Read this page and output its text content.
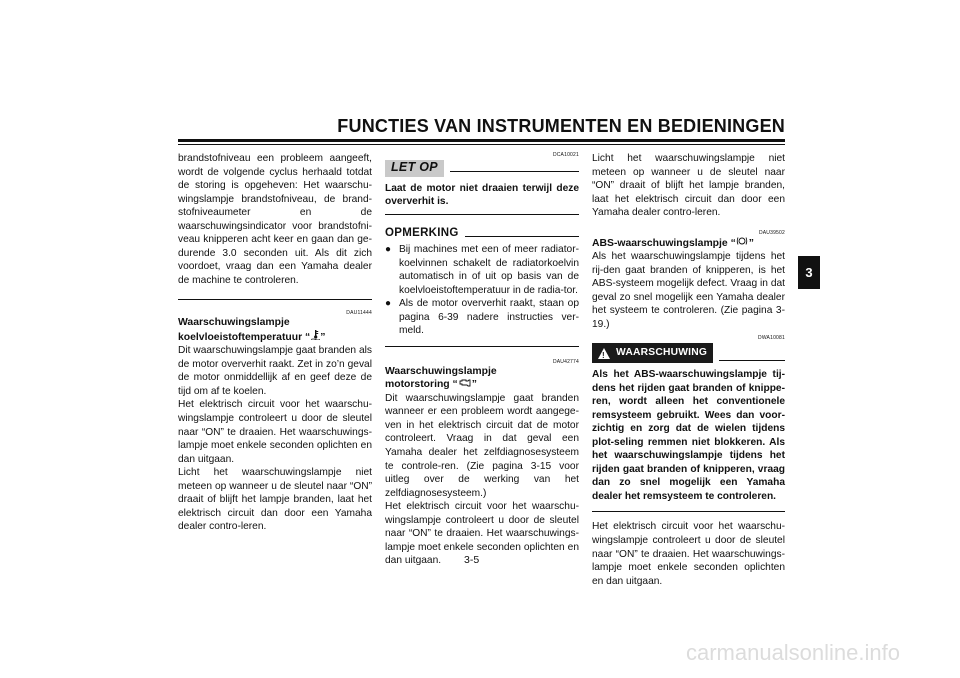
FUNCTIES VAN INSTRUMENTEN EN BEDIENINGEN
3

brandstofniveau een probleem aangeeft, wordt de volgende cyclus herhaald totdat de storing is opgeheven: Het waarschu-wingslampje brandstofniveau, de brand-stofniveaumeter en de waarschuwingsindicator voor brandstofni-veau knipperen acht keer en gaan dan ge-durende 3.0 seconden uit. Als dit zich voordoet, vraag dan een Yamaha dealer de machine te controleren.

DAU11444
Waarschuwingslampje
koelvloeistoftemperatuur “ ”

Dit waarschuwingslampje gaat branden als de motor oververhit raakt. Zet in zo’n geval de motor onmiddellijk af en geef deze de tijd om af te koelen.

Het elektrisch circuit voor het waarschu-wingslampje controleert u door de sleutel naar “ON” te draaien. Het waarschuwings-lampje moet enkele seconden oplichten en dan uitgaan.

Licht het waarschuwingslampje niet meteen op wanneer u de sleutel naar “ON” draait of blijft het lampje branden, laat het elektrisch circuit dan door een Yamaha dealer contro-leren.

DCA10021
LET OP

Laat de motor niet draaien terwijl deze oververhit is.

OPMERKING
● Bij machines met een of meer radiator-koelvinnen schakelt de radiatorkoelvin automatisch in of uit op basis van de koelvloeistoftemperatuur in de radia-tor.
● Als de motor oververhit raakt, staan op pagina 6-39 nadere instructies ver-meld.
DAU42774
Waarschuwingslampje
motorstoring “ ”

Dit waarschuwingslampje gaat branden wanneer er een probleem wordt aangege-ven in het elektrisch circuit dat de motor controleert. Vraag in dat geval een Yamaha dealer het zelfdiagnosesysteem te controle-ren. (Zie pagina 3-15 voor uitleg over de werking van het zelfdiagnosesysteem.)

Het elektrisch circuit voor het waarschu-wingslampje controleert u door de sleutel naar “ON” te draaien. Het waarschuwings-lampje moet enkele seconden oplichten en dan uitgaan.

Licht het waarschuwingslampje niet meteen op wanneer u de sleutel naar “ON” draait of blijft het lampje branden, laat het elektrisch circuit dan door een Yamaha dealer contro-leren.

DAU39502
ABS-waarschuwingslampje “ ”

Als het waarschuwingslampje tijdens het rij-den gaat branden of knipperen, is het ABS-systeem mogelijk defect. Vraag in dat geval zo snel mogelijk een Yamaha dealer het systeem te controleren. (Zie pagina 3-19.)

DWA10081
! WAARSCHUWING

Als het ABS-waarschuwingslampje tij-dens het rijden gaat branden of knippe-ren, wordt alleen het conventionele remsysteem gebruikt. Wees dan voor-zichtig en zorg dat de wielen tijdens plot-seling remmen niet blokkeren. Als het waarschuwingslampje tijdens het rijden gaat branden of knipperen, vraag dan zo snel mogelijk een Yamaha dealer het remsysteem te controleren.

Het elektrisch circuit voor het waarschu-wingslampje controleert u door de sleutel naar “ON” te draaien. Het waarschuwings-lampje moet enkele seconden oplichten en dan uitgaan.

3-5
carmanualsonline.info
